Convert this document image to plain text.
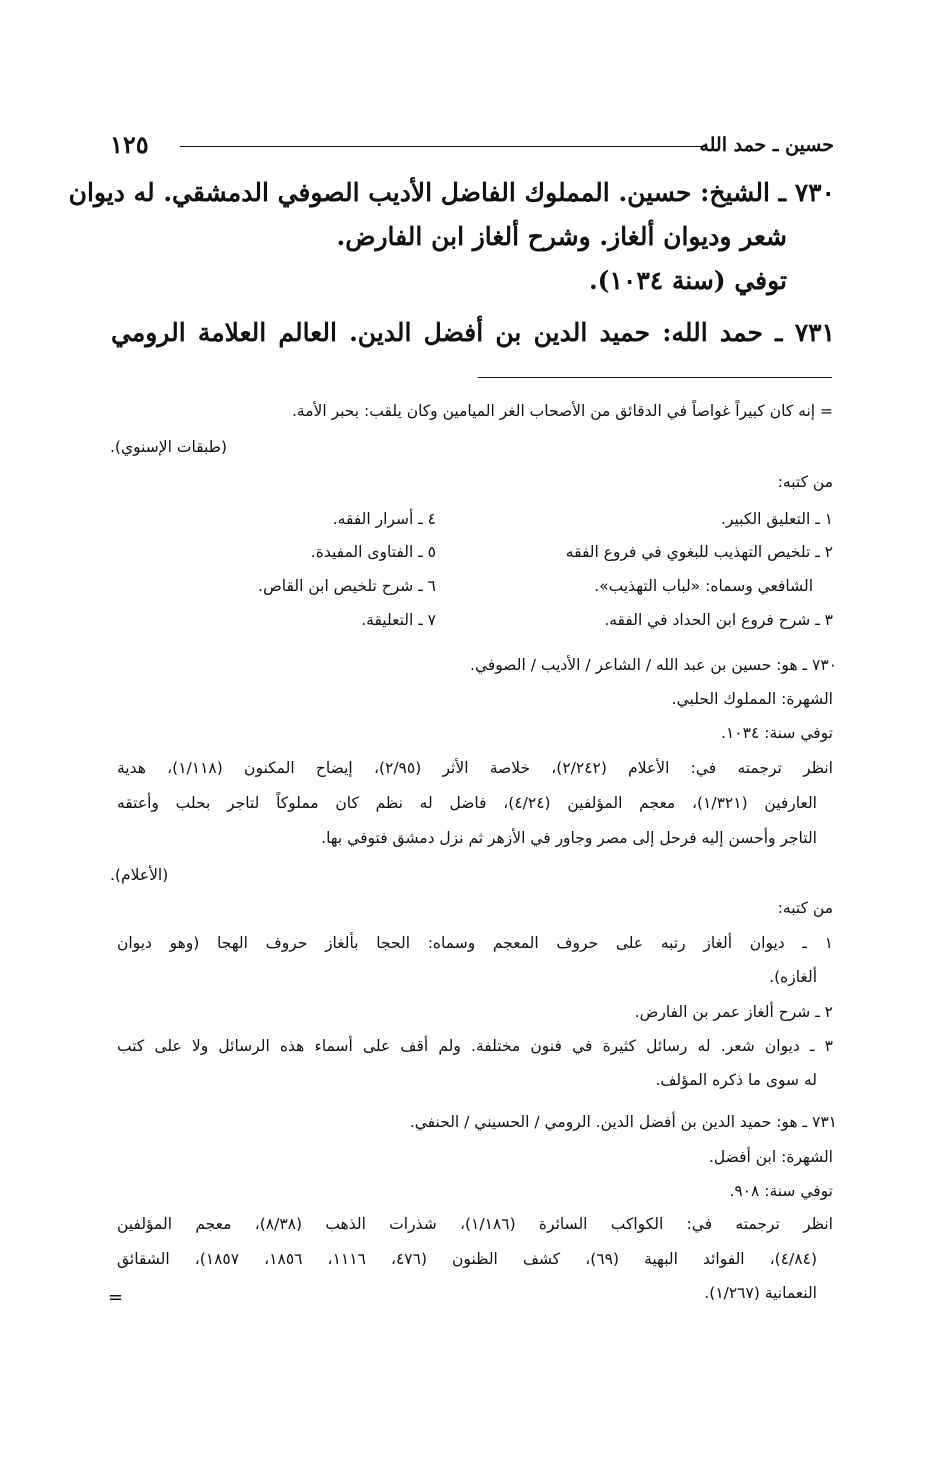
حسين ـ حمد الله
١٢٥
٧٣٠ ـ الشيخ: حسين. المملوك الفاضل الأديب الصوفي الدمشقي. له ديوان
شعر وديوان ألغاز. وشرح ألغاز ابن الفارض.
توفي (سنة ١٠٣٤).
٧٣١ ـ حمد الله: حميد الدين بن أفضل الدين. العالم العلامة الرومي
= إنه كان كبيراً غواصاً في الدقائق من الأصحاب الغر الميامين وكان يلقب: بحبر الأمة.
(طبقات الإسنوي).
من كتبه:
١ ـ التعليق الكبير.
٢ ـ تلخيص التهذيب للبغوي في فروع الفقه
الشافعي وسماه: «لباب التهذيب».
٣ ـ شرح فروع ابن الحداد في الفقه.
٤ ـ أسرار الفقه.
٥ ـ الفتاوى المفيدة.
٦ ـ شرح تلخيص ابن القاص.
٧ ـ التعليقة.
٧٣٠ ـ هو: حسين بن عبد الله / الشاعر / الأديب / الصوفي.
الشهرة: المملوك الحلبي.
توفي سنة: ١٠٣٤.
انظر ترجمته في: الأعلام (٢/٢٤٢)، خلاصة الأثر (٢/٩٥)، إيضاح المكنون (١/١١٨)، هدية
العارفين (١/٣٢١)، معجم المؤلفين (٤/٢٤)، فاضل له نظم كان مملوكاً لتاجر بحلب وأعتقه
التاجر وأحسن إليه فرحل إلى مصر وجاور في الأزهر ثم نزل دمشق فتوفي بها.
(الأعلام).
من كتبه:
١ ـ ديوان ألغاز رتبه على حروف المعجم وسماه: الحجا بألغاز حروف الهجا (وهو ديوان
ألغازه).
٢ ـ شرح ألغاز عمر بن الفارض.
٣ ـ ديوان شعر. له رسائل كثيرة في فنون مختلفة. ولم أقف على أسماء هذه الرسائل ولا على كتب
له سوى ما ذكره المؤلف.
٧٣١ ـ هو: حميد الدين بن أفضل الدين. الرومي / الحسيني / الحنفي.
الشهرة: ابن أفضل.
توفي سنة: ٩٠٨.
انظر ترجمته في: الكواكب السائرة (١/١٨٦)، شذرات الذهب (٨/٣٨)، معجم المؤلفين
(٤/٨٤)، الفوائد البهية (٦٩)، كشف الظنون (٤٧٦، ١١١٦، ١٨٥٦، ١٨٥٧)، الشقائق
النعمانية (١/٢٦٧).
=
